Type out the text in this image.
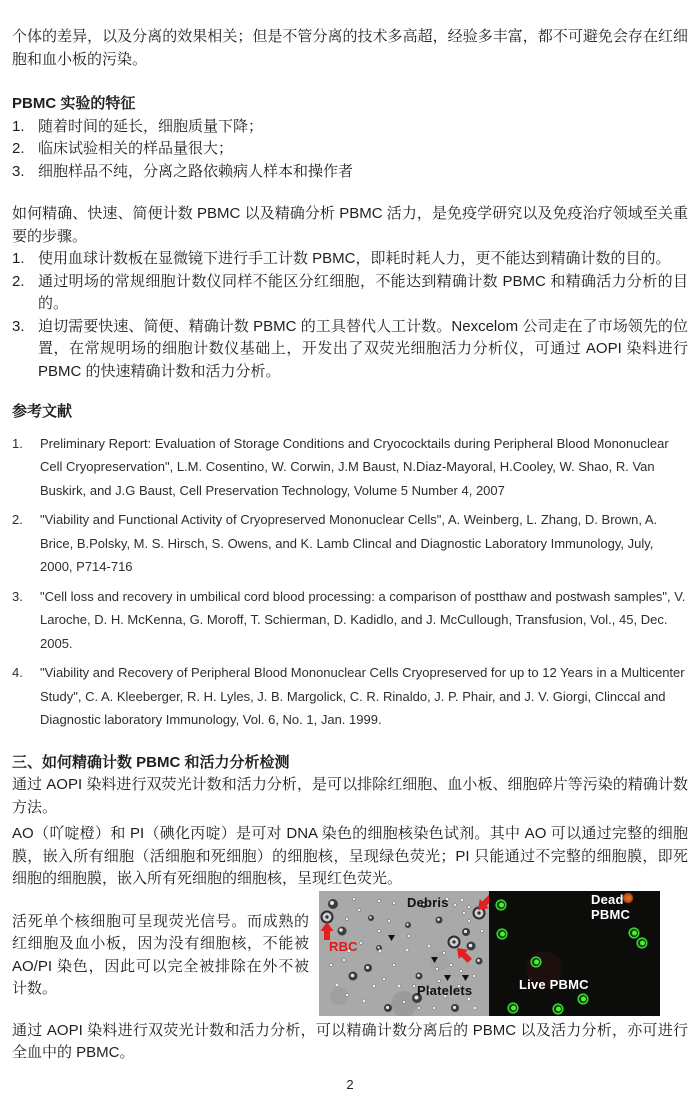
个体的差异，以及分离的效果相关；但是不管分离的技术多高超，经验多丰富，都不可避免会存在红细胞和血小板的污染。

PBMC 实验的特征

1. 随着时间的延长，细胞质量下降；
2. 临床试验相关的样品量很大；
3. 细胞样品不纯，分离之路依赖病人样本和操作者

如何精确、快速、简便计数 PBMC 以及精确分析 PBMC 活力，是免疫学研究以及免疫治疗领域至关重要的步骤。

1. 使用血球计数板在显微镜下进行手工计数 PBMC，即耗时耗人力，更不能达到精确计数的目的。
2. 通过明场的常规细胞计数仪同样不能区分红细胞，不能达到精确计数 PBMC 和精确活力分析的目的。
3. 迫切需要快速、简便、精确计数 PBMC 的工具替代人工计数。Nexcelom 公司走在了市场领先的位置，在常规明场的细胞计数仪基础上，开发出了双荧光细胞活力分析仪，可通过 AOPI 染料进行 PBMC 的快速精确计数和活力分析。

参考文献

1.	Preliminary Report: Evaluation of Storage Conditions and Cryococktails during Peripheral Blood Mononuclear Cell Cryopreservation", L.M. Cosentino, W. Corwin, J.M Baust, N.Diaz-Mayoral, H.Cooley, W. Shao, R. Van Buskirk, and J.G Baust, Cell Preservation Technology, Volume 5 Number 4, 2007
2.	"Viability and Functional Activity of Cryopreserved Mononuclear Cells", A. Weinberg, L. Zhang, D. Brown, A. Brice, B.Polsky, M. S. Hirsch, S. Owens, and K. Lamb Clincal and Diagnostic Laboratory Immunology, July, 2000, P714-716
3.	"Cell loss and recovery in umbilical cord blood processing: a comparison of postthaw and postwash samples", V. Laroche, D. H. McKenna, G. Moroff, T. Schierman, D. Kadidlo, and J. McCullough, Transfusion, Vol., 45, Dec. 2005.
4.	"Viability and Recovery of Peripheral Blood Mononuclear Cells Cryopreserved for up to 12 Years in a Multicenter Study", C. A. Kleeberger, R. H. Lyles, J. B. Margolick, C. R. Rinaldo, J. P. Phair, and J. V. Giorgi, Clinccal and Diagnostic laboratory Immunology, Vol. 6, No. 1, Jan. 1999.

三、如何精确计数 PBMC 和活力分析检测

通过 AOPI 染料进行双荧光计数和活力分析，是可以排除红细胞、血小板、细胞碎片等污染的精确计数方法。

AO（吖啶橙）和 PI（碘化丙啶）是可对 DNA 染色的细胞核染色试剂。其中 AO 可以通过完整的细胞膜，嵌入所有细胞（活细胞和死细胞）的细胞核，呈现绿色荧光；PI 只能通过不完整的细胞膜，即死细胞的细胞膜，嵌入所有死细胞的细胞核，呈现红色荧光。

Debris
RBC
Platelets
Dead
PBMC
Live PBMC

活死单个核细胞可呈现荧光信号。而成熟的红细胞及血小板，因为没有细胞核，不能被 AO/PI 染色，因此可以完全被排除在外不被计数。

通过 AOPI 染料进行双荧光计数和活力分析，可以精确计数分离后的 PBMC 以及活力分析，亦可进行全血中的 PBMC。

2
